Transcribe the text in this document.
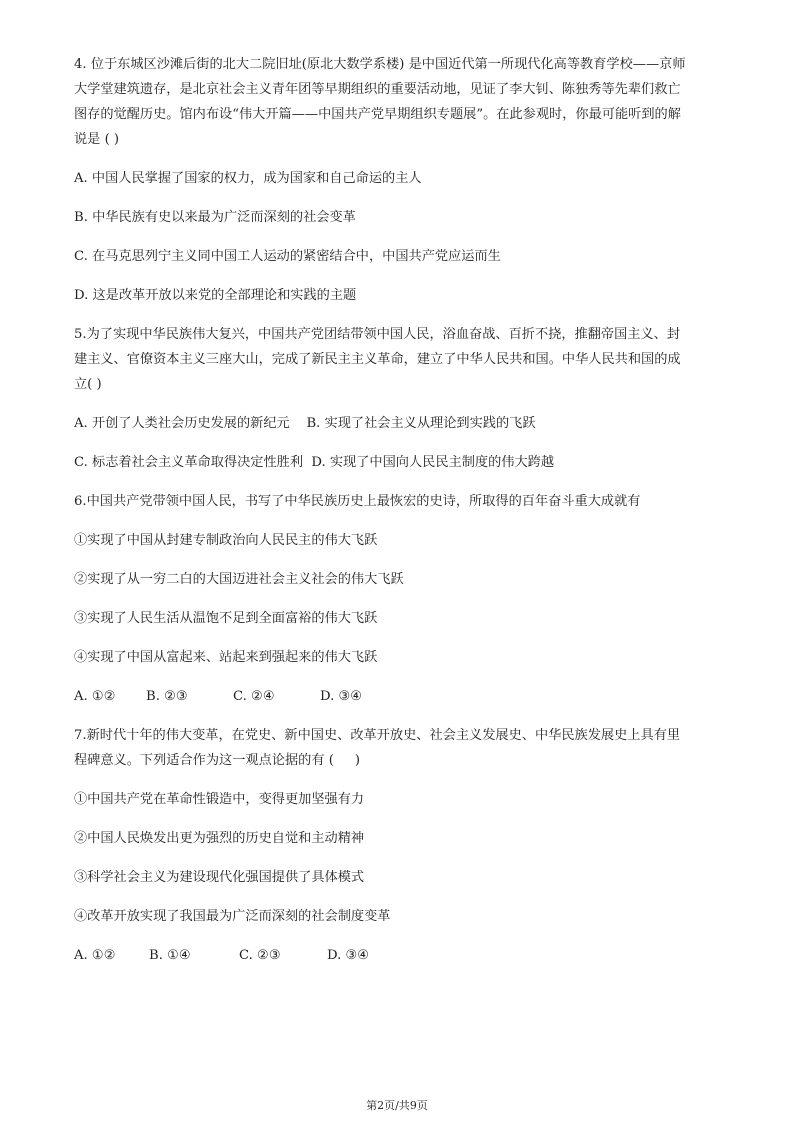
4. 位于东城区沙滩后街的北大二院旧址(原北大数学系楼) 是中国近代第一所现代化高等教育学校——京师
大学堂建筑遗存，是北京社会主义青年团等早期组织的重要活动地，见证了李大钊、陈独秀等先辈们救亡
图存的觉醒历史。馆内布设“伟大开篇——中国共产党早期组织专题展”。在此参观时，你最可能听到的解
说是 ( )
A. 中国人民掌握了国家的权力，成为国家和自己命运的主人
B. 中华民族有史以来最为广泛而深刻的社会变革
C. 在马克思列宁主义同中国工人运动的紧密结合中，中国共产党应运而生
D. 这是改革开放以来党的全部理论和实践的主题
5.为了实现中华民族伟大复兴，中国共产党团结带领中国人民，浴血奋战、百折不挠，推翻帝国主义、封
建主义、官僚资本主义三座大山，完成了新民主主义革命，建立了中华人民共和国。中华人民共和国的成
立( )
A. 开创了人类社会历史发展的新纪元    B. 实现了社会主义从理论到实践的飞跃
C. 标志着社会主义革命取得决定性胜利  D. 实现了中国向人民民主制度的伟大跨越
6.中国共产党带领中国人民，书写了中华民族历史上最恢宏的史诗，所取得的百年奋斗重大成就有
①实现了中国从封建专制政治向人民民主的伟大飞跃
②实现了从一穷二白的大国迈进社会主义社会的伟大飞跃
③实现了人民生活从温饱不足到全面富裕的伟大飞跃
④实现了中国从富起来、站起来到强起来的伟大飞跃
A. ①② B. ②③	C. ②④	D. ③④
7.新时代十年的伟大变革，在党史、新中国史、改革开放史、社会主义发展史、中华民族发展史上具有里
程碑意义。下列适合作为这一观点论据的有 (     )
①中国共产党在革命性锻造中，变得更加坚强有力
②中国人民焕发出更为强烈的历史自觉和主动精神
③科学社会主义为建设现代化强国提供了具体模式
④改革开放实现了我国最为广泛而深刻的社会制度变革
A. ①②	B. ①④	C. ②③	D. ③④
第2页/共9页
